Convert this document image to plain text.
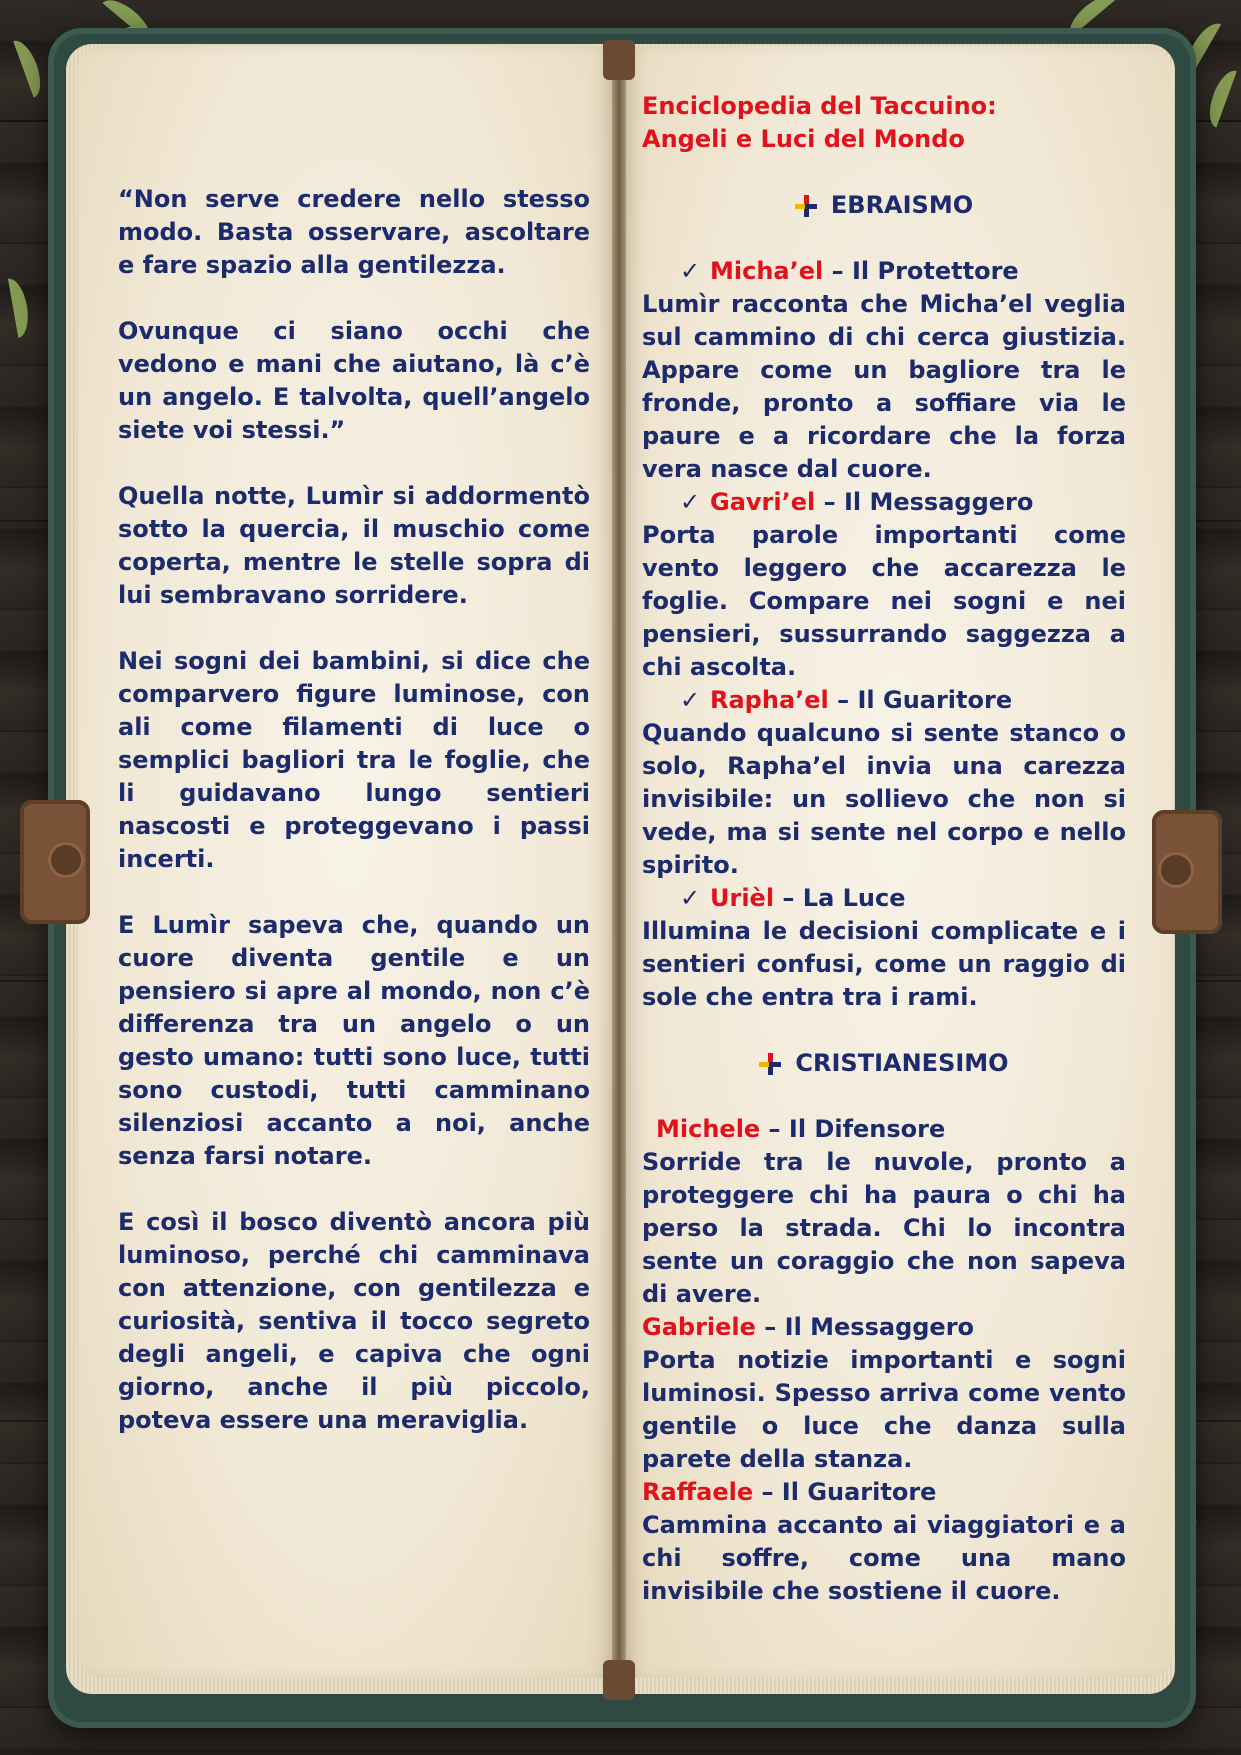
“Non serve credere nello stesso modo. Basta osservare, ascoltare e fare spazio alla gentilezza.

Ovunque ci siano occhi che vedono e mani che aiutano, là c’è un angelo. E talvolta, quell’angelo siete voi stessi.”

Quella notte, Lumìr si addormentò sotto la quercia, il muschio come coperta, mentre le stelle sopra di lui sembravano sorridere.

Nei sogni dei bambini, si dice che comparvero figure luminose, con ali come filamenti di luce o semplici bagliori tra le foglie, che li guidavano lungo sentieri nascosti e proteggevano i passi incerti.

E Lumìr sapeva che, quando un cuore diventa gentile e un pensiero si apre al mondo, non c’è differenza tra un angelo o un gesto umano: tutti sono luce, tutti sono custodi, tutti camminano silenziosi accanto a noi, anche senza farsi notare.

E così il bosco diventò ancora più luminoso, perché chi camminava con attenzione, con gentilezza e curiosità, sentiva il tocco segreto degli angeli, e capiva che ogni giorno, anche il più piccolo, poteva essere una meraviglia.

Enciclopedia del Taccuino:

Angeli e Luci del Mondo

EBRAISMO

✓ Micha’el – Il Protettore

Lumìr racconta che Micha’el veglia sul cammino di chi cerca giustizia. Appare come un bagliore tra le fronde, pronto a soffiare via le paure e a ricordare che la forza vera nasce dal cuore.

✓ Gavri’el – Il Messaggero

Porta parole importanti come vento leggero che accarezza le foglie. Compare nei sogni e nei pensieri, sussurrando saggezza a chi ascolta.

✓ Rapha’el – Il Guaritore

Quando qualcuno si sente stanco o solo, Rapha’el invia una carezza invisibile: un sollievo che non si vede, ma si sente nel corpo e nello spirito.

✓ Urièl – La Luce

Illumina le decisioni complicate e i sentieri confusi, come un raggio di sole che entra tra i rami.

CRISTIANESIMO

Michele – Il Difensore

Sorride tra le nuvole, pronto a proteggere chi ha paura o chi ha perso la strada. Chi lo incontra sente un coraggio che non sapeva di avere.

Gabriele – Il Messaggero

Porta notizie importanti e sogni luminosi. Spesso arriva come vento gentile o luce che danza sulla parete della stanza.

Raffaele – Il Guaritore

Cammina accanto ai viaggiatori e a chi soffre, come una mano invisibile che sostiene il cuore.
